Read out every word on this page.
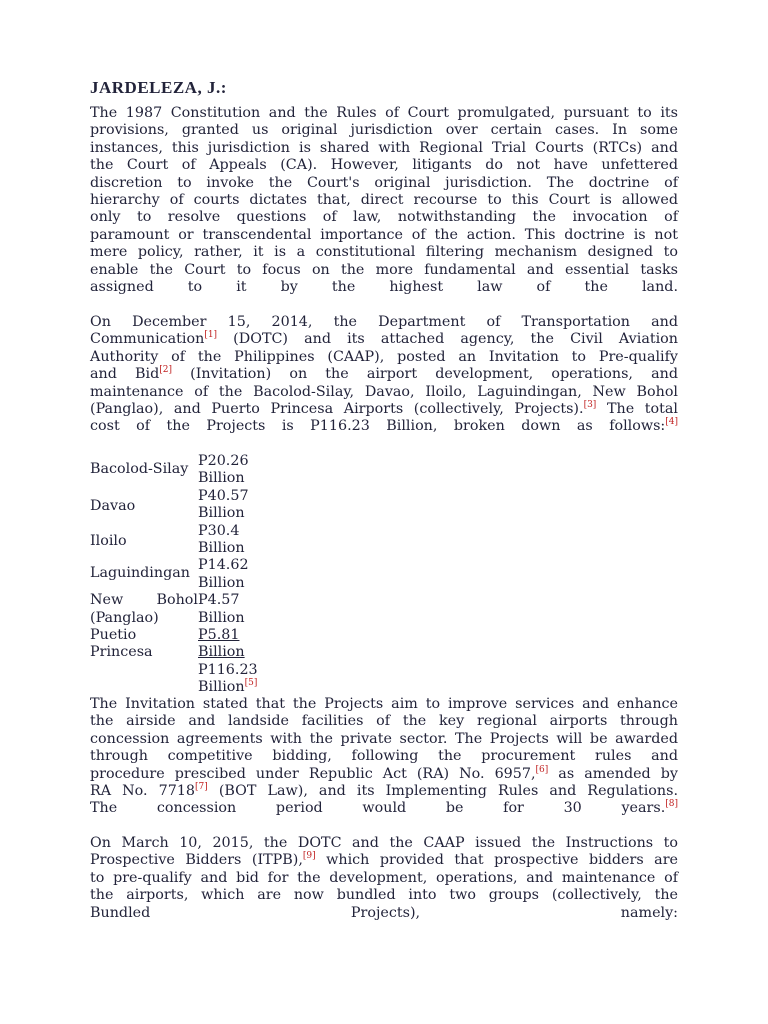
JARDELEZA, J.:
The 1987 Constitution and the Rules of Court promulgated, pursuant to its
provisions, granted us original jurisdiction over certain cases. In some
instances, this jurisdiction is shared with Regional Trial Courts (RTCs) and
the Court of Appeals (CA). However, litigants do not have unfettered
discretion to invoke the Court's original jurisdiction. The doctrine of
hierarchy of courts dictates that, direct recourse to this Court is allowed
only to resolve questions of law, notwithstanding the invocation of
paramount or transcendental importance of the action. This doctrine is not
mere policy, rather, it is a constitutional filtering mechanism designed to
enable the Court to focus on the more fundamental and essential tasks
assigned to it by the highest law of the land.
On December 15, 2014, the Department of Transportation and
Communication[1] (DOTC) and its attached agency, the Civil Aviation
Authority of the Philippines (CAAP), posted an Invitation to Pre-qualify
and Bid[2] (Invitation) on the airport development, operations, and
maintenance of the Bacolod-Silay, Davao, Iloilo, Laguindingan, New Bohol
(Panglao), and Puerto Princesa Airports (collectively, Projects).[3] The total
cost of the Projects is P116.23 Billion, broken down as follows:[4]
Bacolod-Silay P20.26
Billion
Davao
P40.57
Billion
Iloilo
P30.4
Billion
Laguindingan P14.62
Billion
New Bohol
(Panglao)
P4.57
Billion
Puetio
Princesa
P5.81
Billion
P116.23
Billion[5]
The Invitation stated that the Projects aim to improve services and enhance
the airside and landside facilities of the key regional airports through
concession agreements with the private sector. The Projects will be awarded
through competitive bidding, following the procurement rules and
procedure prescibed under Republic Act (RA) No. 6957,[6] as amended by
RA No. 7718[7] (BOT Law), and its Implementing Rules and Regulations.
The concession period would be for 30 years.[8]
On March 10, 2015, the DOTC and the CAAP issued the Instructions to
Prospective Bidders (ITPB),[9] which provided that prospective bidders are
to pre-qualify and bid for the development, operations, and maintenance of
the airports, which are now bundled into two groups (collectively, the
Bundled Projects), namely:
